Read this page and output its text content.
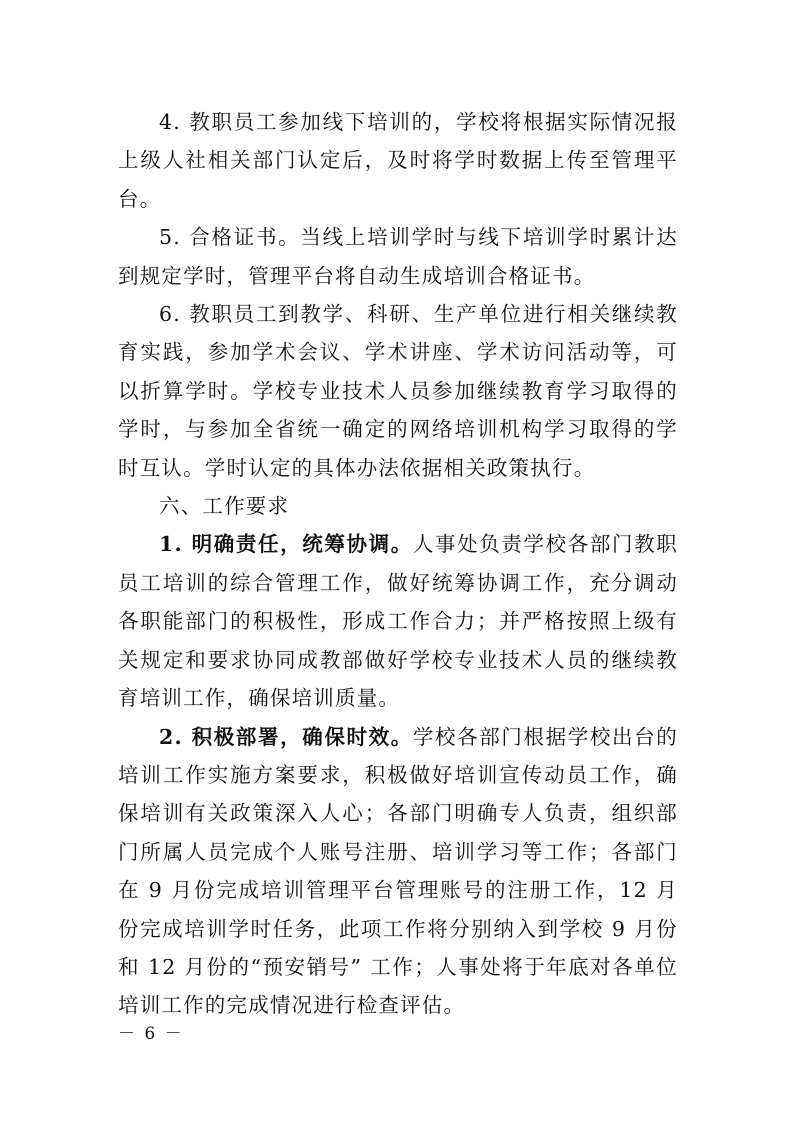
4. 教职员工参加线下培训的，学校将根据实际情况报上级人社相关部门认定后，及时将学时数据上传至管理平台。

5. 合格证书。当线上培训学时与线下培训学时累计达到规定学时，管理平台将自动生成培训合格证书。

6. 教职员工到教学、科研、生产单位进行相关继续教育实践，参加学术会议、学术讲座、学术访问活动等，可以折算学时。学校专业技术人员参加继续教育学习取得的学时，与参加全省统一确定的网络培训机构学习取得的学时互认。学时认定的具体办法依据相关政策执行。

六、工作要求

1. 明确责任，统筹协调。人事处负责学校各部门教职员工培训的综合管理工作，做好统筹协调工作，充分调动各职能部门的积极性，形成工作合力；并严格按照上级有关规定和要求协同成教部做好学校专业技术人员的继续教育培训工作，确保培训质量。

2. 积极部署，确保时效。学校各部门根据学校出台的培训工作实施方案要求，积极做好培训宣传动员工作，确保培训有关政策深入人心；各部门明确专人负责，组织部门所属人员完成个人账号注册、培训学习等工作；各部门在 9 月份完成培训管理平台管理账号的注册工作，12 月份完成培训学时任务，此项工作将分别纳入到学校 9 月份和 12 月份的“预安销号” 工作；人事处将于年底对各单位培训工作的完成情况进行检查评估。

－ 6 －
